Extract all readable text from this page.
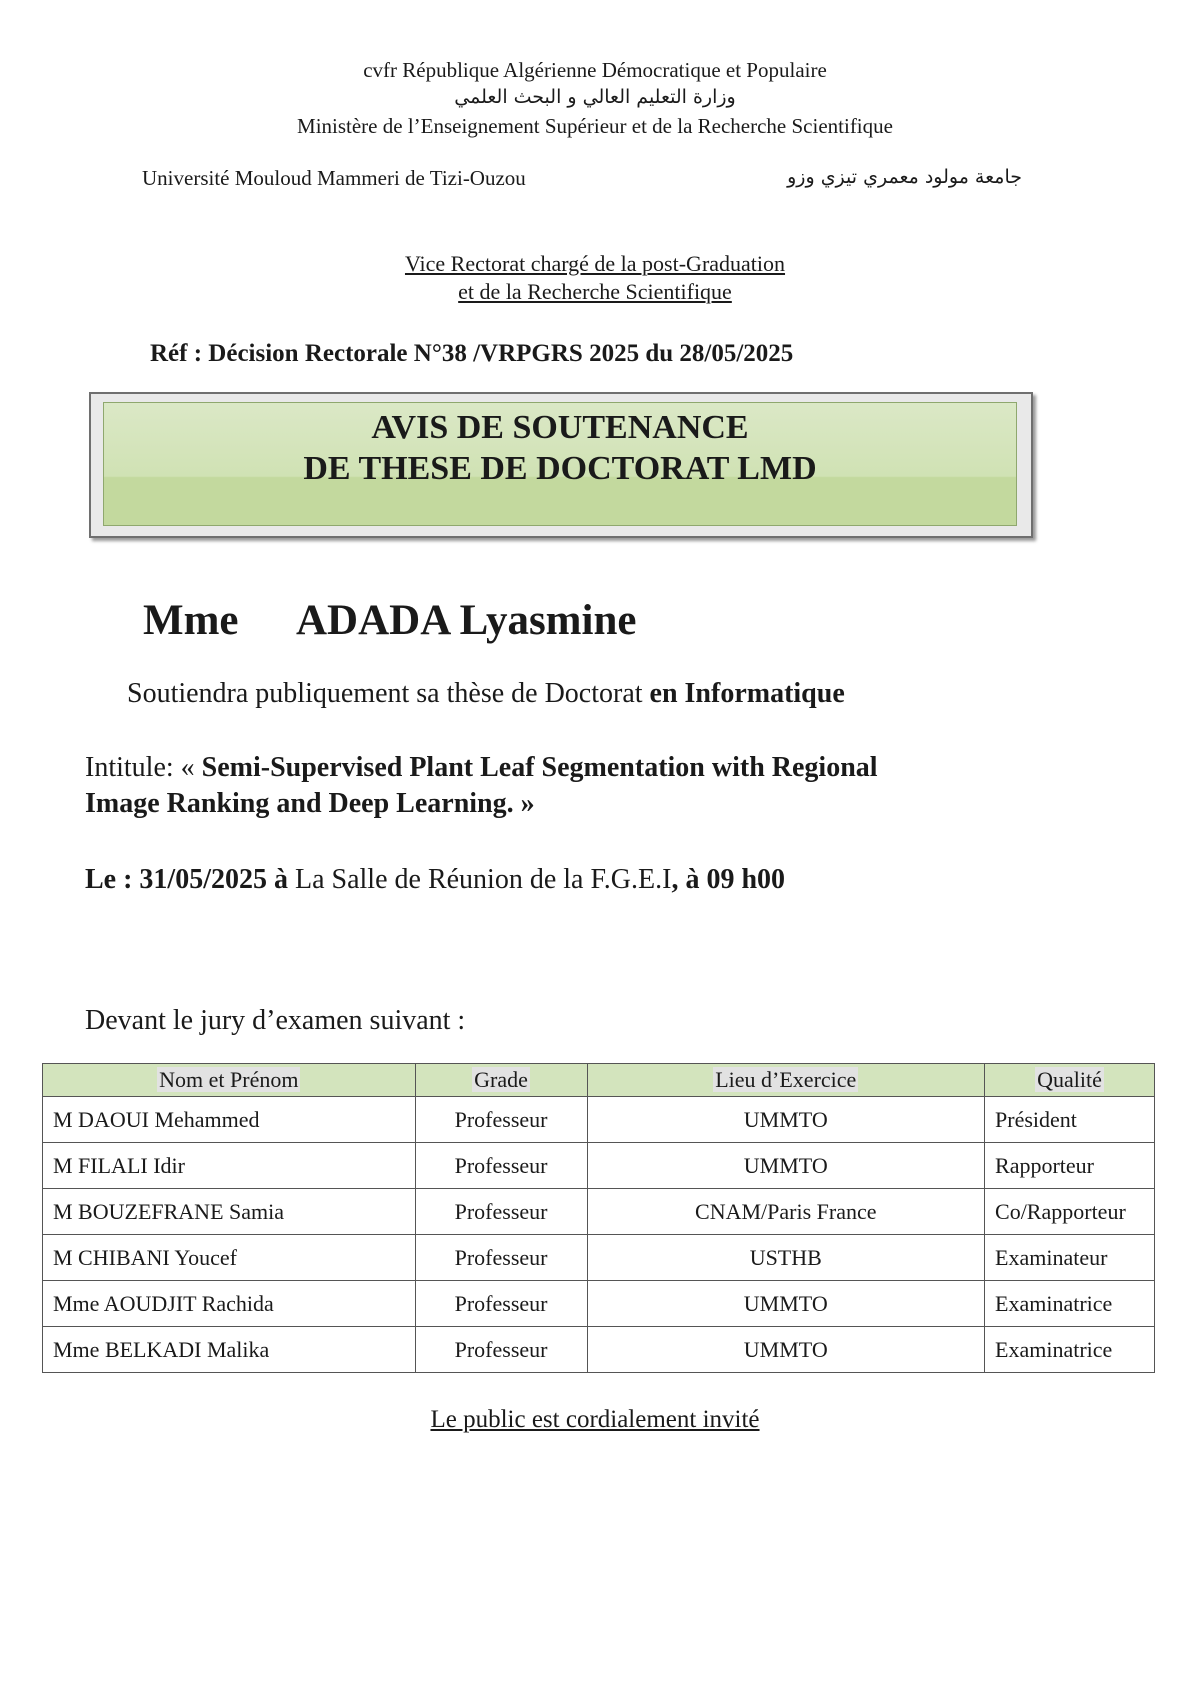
cvfr République Algérienne Démocratique et Populaire
وزارة التعليم العالي و البحث العلمي
Ministère de l’Enseignement Supérieur et de la Recherche Scientifique
Université Mouloud Mammeri de Tizi-Ouzou	جامعة مولود معمري تيزي وزو
Vice Rectorat chargé de la post-Graduation
et de la Recherche Scientifique
Réf : Décision Rectorale N°38 /VRPGRS 2025 du 28/05/2025
AVIS DE SOUTENANCE
DE THESE DE DOCTORAT LMD
Mme ADADA Lyasmine
Soutiendra publiquement sa thèse de Doctorat en Informatique
Intitule: « Semi-Supervised Plant Leaf Segmentation with Regional
Image Ranking and Deep Learning. »
Le : 31/05/2025 à La Salle de Réunion de la F.G.E.I, à 09 h00
Devant le jury d’examen suivant :
Nom et Prénom	Grade	Lieu d’Exercice	Qualité
M DAOUI Mehammed	Professeur	UMMTO	Président
M FILALI Idir	Professeur	UMMTO	Rapporteur
M BOUZEFRANE Samia	Professeur	CNAM/Paris France	Co/Rapporteur
M CHIBANI Youcef	Professeur	USTHB	Examinateur
Mme AOUDJIT Rachida	Professeur	UMMTO	Examinatrice
Mme BELKADI Malika	Professeur	UMMTO	Examinatrice
Le public est cordialement invité
